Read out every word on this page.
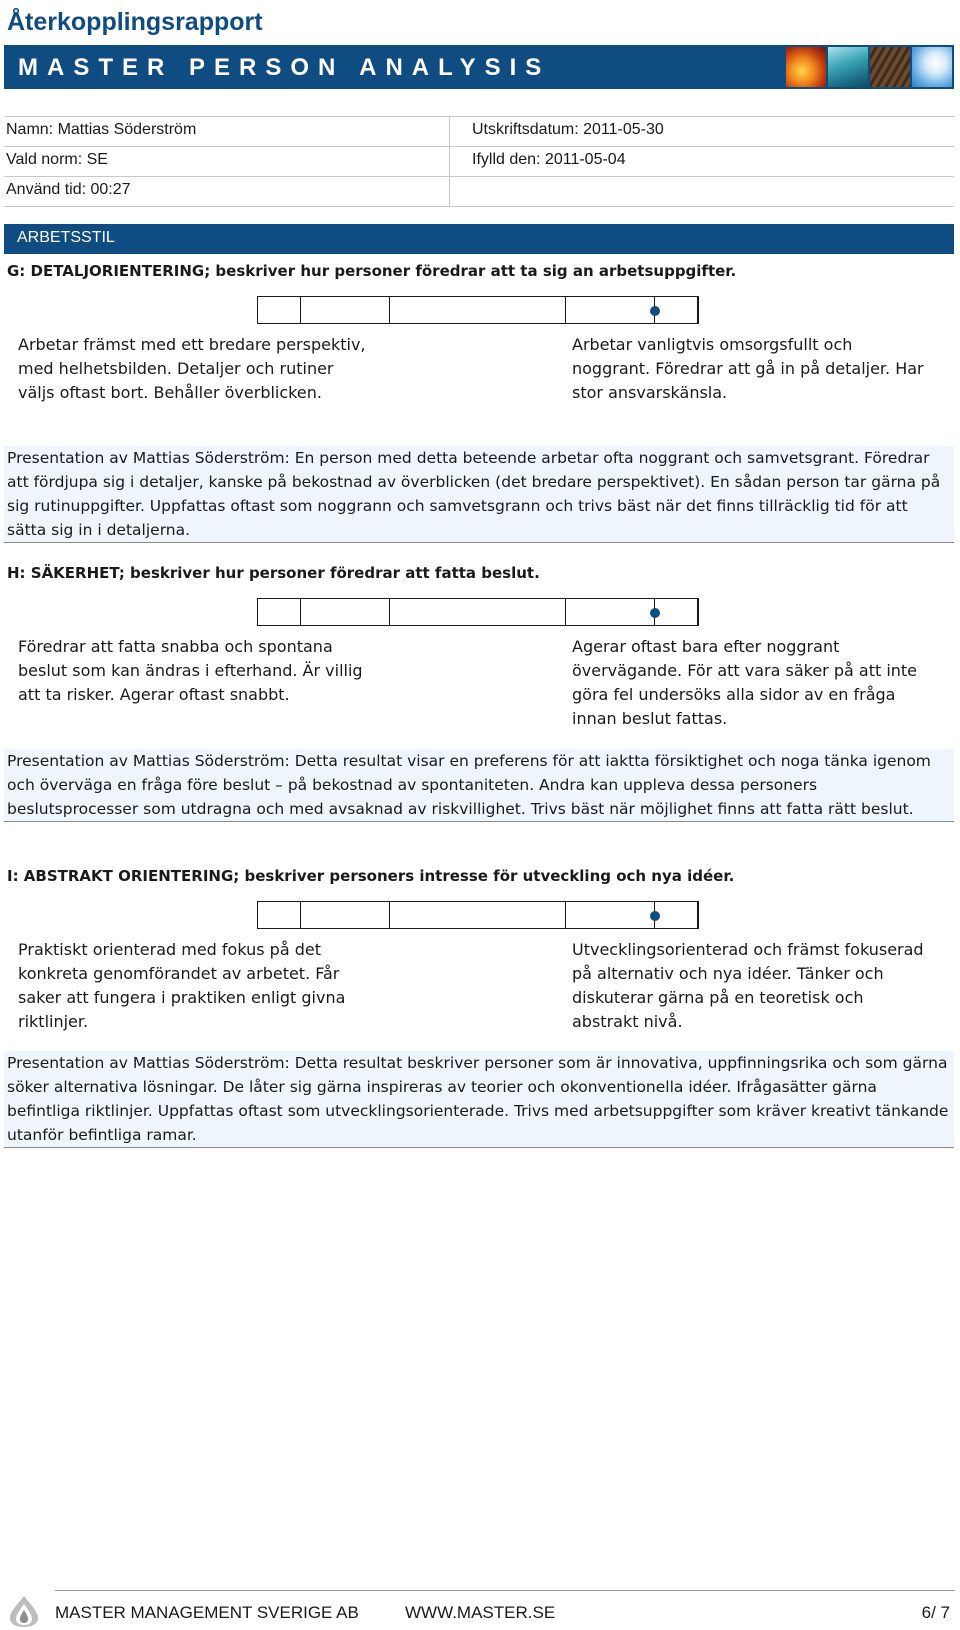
Återkopplingsrapport
MASTER PERSON ANALYSIS
Namn: Mattias Söderström	Utskriftsdatum: 2011-05-30
Vald norm: SE	Ifylld den: 2011-05-04
Använd tid: 00:27
ARBETSSTIL
G: DETALJORIENTERING; beskriver hur personer föredrar att ta sig an arbetsuppgifter.
Arbetar främst med ett bredare perspektiv, med helhetsbilden. Detaljer och rutiner väljs oftast bort. Behåller överblicken.
Arbetar vanligtvis omsorgsfullt och noggrant. Föredrar att gå in på detaljer. Har stor ansvarskänsla.
Presentation av Mattias Söderström: En person med detta beteende arbetar ofta noggrant och samvetsgrant. Föredrar att fördjupa sig i detaljer, kanske på bekostnad av överblicken (det bredare perspektivet). En sådan person tar gärna på sig rutinuppgifter. Uppfattas oftast som noggrann och samvetsgrann och trivs bäst när det finns tillräcklig tid för att sätta sig in i detaljerna.
H: SÄKERHET; beskriver hur personer föredrar att fatta beslut.
Föredrar att fatta snabba och spontana beslut som kan ändras i efterhand. Är villig att ta risker. Agerar oftast snabbt.
Agerar oftast bara efter noggrant övervägande. För att vara säker på att inte göra fel undersöks alla sidor av en fråga innan beslut fattas.
Presentation av Mattias Söderström: Detta resultat visar en preferens för att iaktta försiktighet och noga tänka igenom och överväga en fråga före beslut – på bekostnad av spontaniteten. Andra kan uppleva dessa personers beslutsprocesser som utdragna och med avsaknad av riskvillighet. Trivs bäst när möjlighet finns att fatta rätt beslut.
I: ABSTRAKT ORIENTERING; beskriver personers intresse för utveckling och nya idéer.
Praktiskt orienterad med fokus på det konkreta genomförandet av arbetet. Får saker att fungera i praktiken enligt givna riktlinjer.
Utvecklingsorienterad och främst fokuserad på alternativ och nya idéer. Tänker och diskuterar gärna på en teoretisk och abstrakt nivå.
Presentation av Mattias Söderström: Detta resultat beskriver personer som är innovativa, uppfinningsrika och som gärna söker alternativa lösningar. De låter sig gärna inspireras av teorier och okonventionella idéer. Ifrågasätter gärna befintliga riktlinjer. Uppfattas oftast som utvecklingsorienterade. Trivs med arbetsuppgifter som kräver kreativt tänkande utanför befintliga ramar.
MASTER MANAGEMENT SVERIGE AB	WWW.MASTER.SE	6/ 7
